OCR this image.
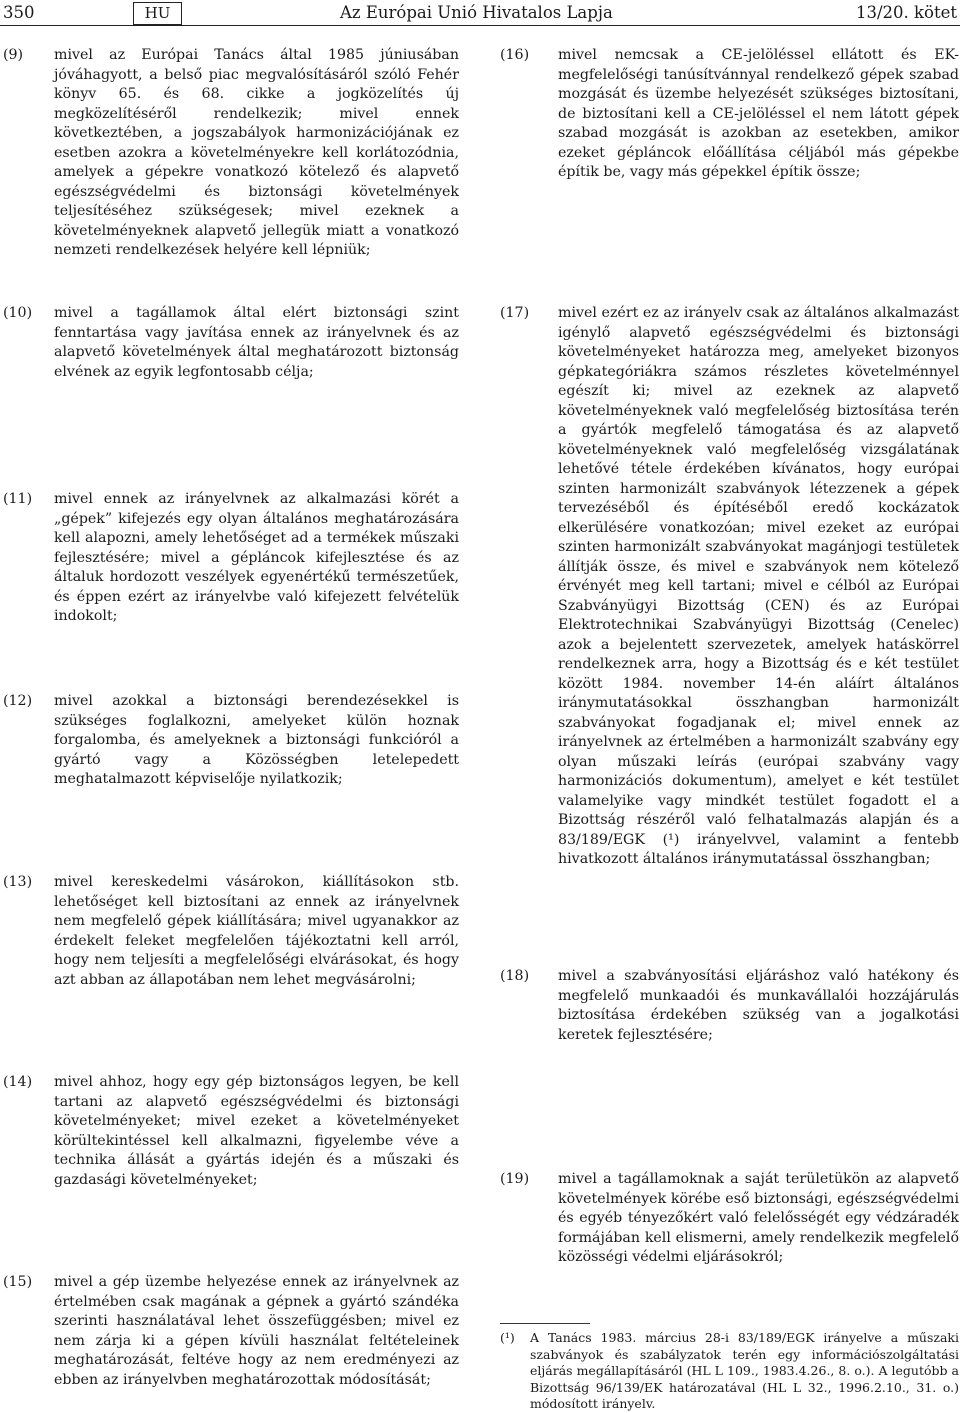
350	HU	Az Európai Unió Hivatalos Lapja	13/20. kötet
(9) mivel az Európai Tanács által 1985 júniusában jóváhagyott, a belső piac megvalósításáról szóló Fehér könyv 65. és 68. cikke a jogközelítés új megközelítéséről rendelkezik; mivel ennek következtében, a jogszabályok harmonizációjának ez esetben azokra a követelményekre kell korlátozódnia, amelyek a gépekre vonatkozó kötelező és alapvető egészségvédelmi és biztonsági követelmények teljesítéséhez szükségesek; mivel ezeknek a követelményeknek alapvető jellegük miatt a vonatkozó nemzeti rendelkezések helyére kell lépniük;
(10) mivel a tagállamok által elért biztonsági szint fenntartása vagy javítása ennek az irányelvnek és az alapvető követelmények által meghatározott biztonság elvének az egyik legfontosabb célja;
(11) mivel ennek az irányelvnek az alkalmazási körét a „gépek” kifejezés egy olyan általános meghatározására kell alapozni, amely lehetőséget ad a termékek műszaki fejlesztésére; mivel a gépláncok kifejlesztése és az általuk hordozott veszélyek egyenértékű természetűek, és éppen ezért az irányelvbe való kifejezett felvételük indokolt;
(12) mivel azokkal a biztonsági berendezésekkel is szükséges foglalkozni, amelyeket külön hoznak forgalomba, és amelyeknek a biztonsági funkcióról a gyártó vagy a Közösségben letelepedett meghatalmazott képviselője nyilatkozik;
(13) mivel kereskedelmi vásárokon, kiállításokon stb. lehetőséget kell biztosítani az ennek az irányelvnek nem megfelelő gépek kiállítására; mivel ugyanakkor az érdekelt feleket megfelelően tájékoztatni kell arról, hogy nem teljesíti a megfelelőségi elvárásokat, és hogy azt abban az állapotában nem lehet megvásárolni;
(14) mivel ahhoz, hogy egy gép biztonságos legyen, be kell tartani az alapvető egészségvédelmi és biztonsági követelményeket; mivel ezeket a követelményeket körültekintéssel kell alkalmazni, figyelembe véve a technika állását a gyártás idején és a műszaki és gazdasági követelményeket;
(15) mivel a gép üzembe helyezése ennek az irányelvnek az értelmében csak magának a gépnek a gyártó szándéka szerinti használatával lehet összefüggésben; mivel ez nem zárja ki a gépen kívüli használat feltételeinek meghatározását, feltéve hogy az nem eredményezi az ebben az irányelvben meghatározottak módosítását;
(16) mivel nemcsak a CE-jelöléssel ellátott és EK-megfelelőségi tanúsítvánnyal rendelkező gépek szabad mozgását és üzembe helyezését szükséges biztosítani, de biztosítani kell a CE-jelöléssel el nem látott gépek szabad mozgását is azokban az esetekben, amikor ezeket gépláncok előállítása céljából más gépekbe építik be, vagy más gépekkel építik össze;
(17) mivel ezért ez az irányelv csak az általános alkalmazást igénylő alapvető egészségvédelmi és biztonsági követelményeket határozza meg, amelyeket bizonyos gépkategóriákra számos részletes követelménnyel egészít ki; mivel az ezeknek az alapvető követelményeknek való megfelelőség biztosítása terén a gyártók megfelelő támogatása és az alapvető követelményeknek való megfelelőség vizsgálatának lehetővé tétele érdekében kívánatos, hogy európai szinten harmonizált szabványok létezzenek a gépek tervezéséből és építéséből eredő kockázatok elkerülésére vonatkozóan; mivel ezeket az európai szinten harmonizált szabványokat magánjogi testületek állítják össze, és mivel e szabványok nem kötelező érvényét meg kell tartani; mivel e célból az Európai Szabványügyi Bizottság (CEN) és az Európai Elektrotechnikai Szabványügyi Bizottság (Cenelec) azok a bejelentett szervezetek, amelyek hatáskörrel rendelkeznek arra, hogy a Bizottság és e két testület között 1984. november 14-én aláírt általános iránymutatásokkal összhangban harmonizált szabványokat fogadjanak el; mivel ennek az irányelvnek az értelmében a harmonizált szabvány egy olyan műszaki leírás (európai szabvány vagy harmonizációs dokumentum), amelyet e két testület valamelyike vagy mindkét testület fogadott el a Bizottság részéről való felhatalmazás alapján és a 83/189/EGK (¹) irányelvvel, valamint a fentebb hivatkozott általános iránymutatással összhangban;
(18) mivel a szabványosítási eljáráshoz való hatékony és megfelelő munkaadói és munkavállalói hozzájárulás biztosítása érdekében szükség van a jogalkotási keretek fejlesztésére;
(19) mivel a tagállamoknak a saját területükön az alapvető követelmények körébe eső biztonsági, egészségvédelmi és egyéb tényezőkért való felelősségét egy védzáradék formájában kell elismerni, amely rendelkezik megfelelő közösségi védelmi eljárásokról;
(¹) A Tanács 1983. március 28-i 83/189/EGK irányelve a műszaki szabványok és szabályzatok terén egy információszolgáltatási eljárás megállapításáról (HL L 109., 1983.4.26., 8. o.). A legutóbb a Bizottság 96/139/EK határozatával (HL L 32., 1996.2.10., 31. o.) módosított irányelv.
